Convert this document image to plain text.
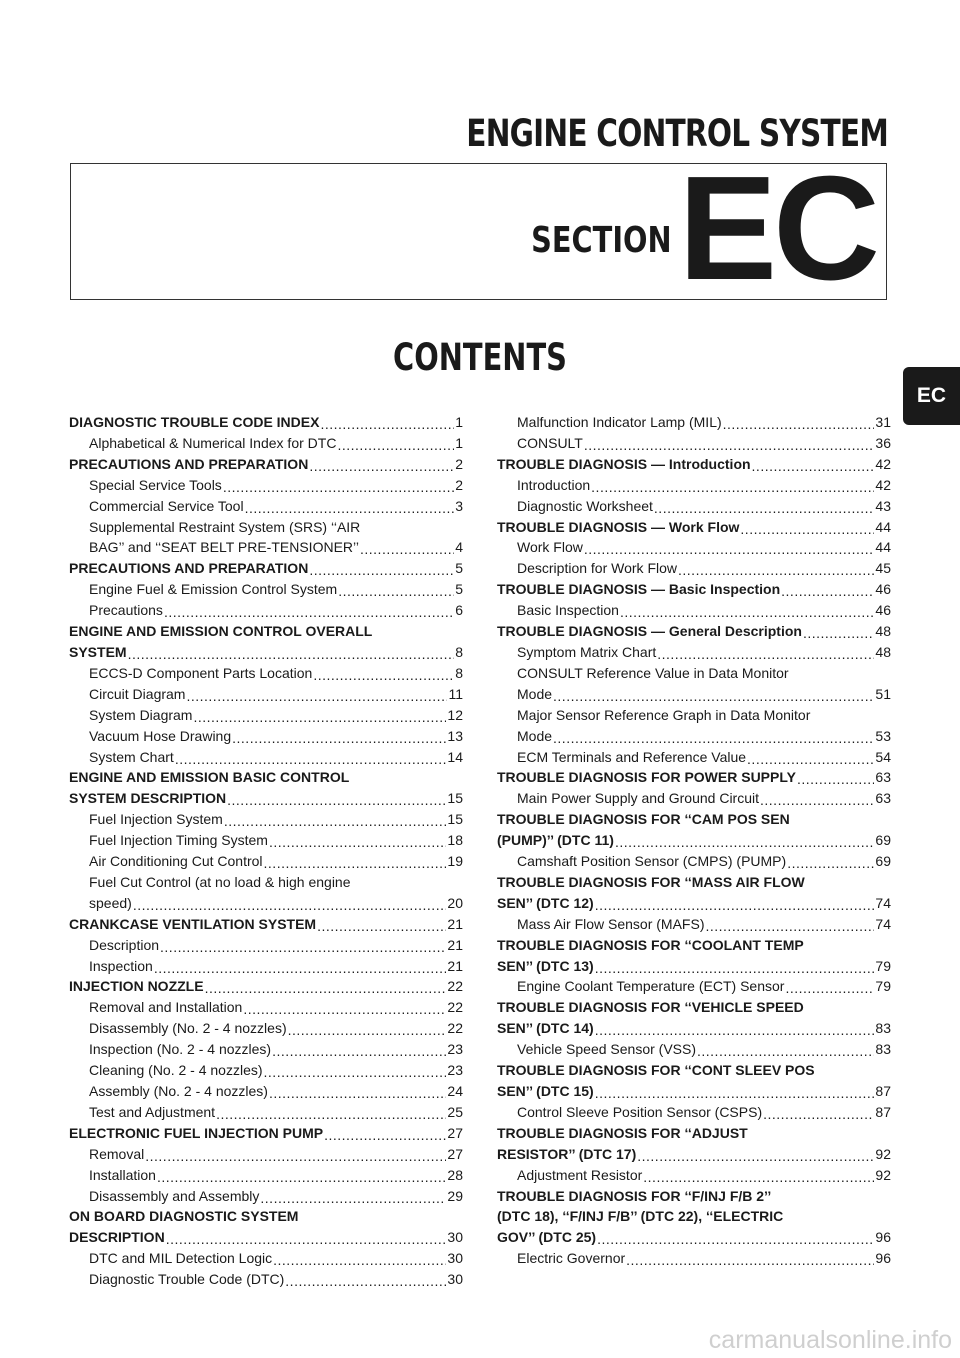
ENGINE CONTROL SYSTEM
SECTION EC
CONTENTS
EC
DIAGNOSTIC TROUBLE CODE INDEX .....	1
Alphabetical & Numerical Index for DTC .....	1
PRECAUTIONS AND PREPARATION .....	2
Special Service Tools .....	2
Commercial Service Tool .....	3
Supplemental Restraint System (SRS) ‘‘AIR
BAG’’ and ‘‘SEAT BELT PRE-TENSIONER’’ .....	4
PRECAUTIONS AND PREPARATION .....	5
Engine Fuel & Emission Control System .....	5
Precautions .....	6
ENGINE AND EMISSION CONTROL OVERALL
SYSTEM .....	8
ECCS-D Component Parts Location .....	8
Circuit Diagram .....	11
System Diagram .....	12
Vacuum Hose Drawing .....	13
System Chart .....	14
ENGINE AND EMISSION BASIC CONTROL
SYSTEM DESCRIPTION .....	15
Fuel Injection System .....	15
Fuel Injection Timing System .....	18
Air Conditioning Cut Control .....	19
Fuel Cut Control (at no load & high engine
speed) .....	20
CRANKCASE VENTILATION SYSTEM .....	21
Description .....	21
Inspection .....	21
INJECTION NOZZLE .....	22
Removal and Installation .....	22
Disassembly (No. 2 - 4 nozzles) .....	22
Inspection (No. 2 - 4 nozzles) .....	23
Cleaning (No. 2 - 4 nozzles) .....	23
Assembly (No. 2 - 4 nozzles) .....	24
Test and Adjustment .....	25
ELECTRONIC FUEL INJECTION PUMP .....	27
Removal .....	27
Installation .....	28
Disassembly and Assembly .....	29
ON BOARD DIAGNOSTIC SYSTEM
DESCRIPTION .....	30
DTC and MIL Detection Logic .....	30
Diagnostic Trouble Code (DTC) .....	30
Malfunction Indicator Lamp (MIL) .....	31
CONSULT .....	36
TROUBLE DIAGNOSIS — Introduction .....	42
Introduction .....	42
Diagnostic Worksheet .....	43
TROUBLE DIAGNOSIS — Work Flow .....	44
Work Flow .....	44
Description for Work Flow .....	45
TROUBLE DIAGNOSIS — Basic Inspection .....	46
Basic Inspection .....	46
TROUBLE DIAGNOSIS — General Description .....	48
Symptom Matrix Chart .....	48
CONSULT Reference Value in Data Monitor
Mode .....	51
Major Sensor Reference Graph in Data Monitor
Mode .....	53
ECM Terminals and Reference Value .....	54
TROUBLE DIAGNOSIS FOR POWER SUPPLY .....	63
Main Power Supply and Ground Circuit .....	63
TROUBLE DIAGNOSIS FOR ‘‘CAM POS SEN
(PUMP)’’ (DTC 11) .....	69
Camshaft Position Sensor (CMPS) (PUMP) .....	69
TROUBLE DIAGNOSIS FOR ‘‘MASS AIR FLOW
SEN’’ (DTC 12) .....	74
Mass Air Flow Sensor (MAFS) .....	74
TROUBLE DIAGNOSIS FOR ‘‘COOLANT TEMP
SEN’’ (DTC 13) .....	79
Engine Coolant Temperature (ECT) Sensor .....	79
TROUBLE DIAGNOSIS FOR ‘‘VEHICLE SPEED
SEN’’ (DTC 14) .....	83
Vehicle Speed Sensor (VSS) .....	83
TROUBLE DIAGNOSIS FOR ‘‘CONT SLEEV POS
SEN’’ (DTC 15) .....	87
Control Sleeve Position Sensor (CSPS) .....	87
TROUBLE DIAGNOSIS FOR ‘‘ADJUST
RESISTOR’’ (DTC 17) .....	92
Adjustment Resistor .....	92
TROUBLE DIAGNOSIS FOR ‘‘F/INJ F/B 2’’
(DTC 18), ‘‘F/INJ F/B’’ (DTC 22), ‘‘ELECTRIC
GOV’’ (DTC 25) .....	96
Electric Governor .....	96
carmanualsonline.info
